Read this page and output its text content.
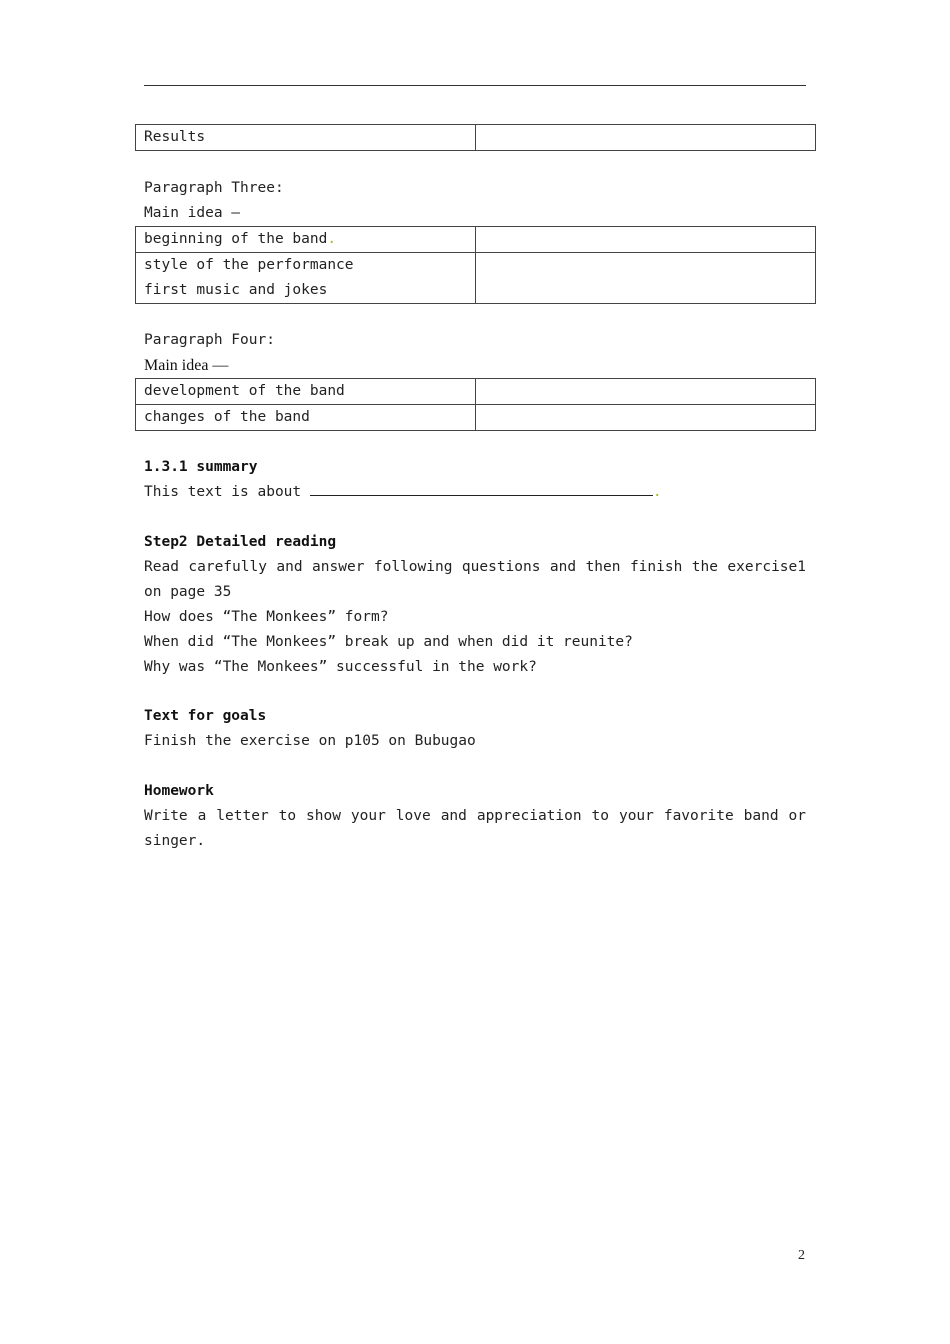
Results

Paragraph Three:
Main idea —
beginning of the band.	

style of the performance
first music and jokes	

Paragraph Four:
Main idea —
development of the band	

changes of the band	

1.3.1 summary
This text is about	.
Step2 Detailed reading
Read carefully and answer following questions and then finish the exercise1 on page 35
How does “The Monkees” form?
When did “The Monkees” break up and when did it reunite?
Why was “The Monkees” successful in the work?
Text for goals
Finish the exercise on p105 on Bubugao
Homework
Write a letter to show your love and appreciation to your favorite band or singer.
2
